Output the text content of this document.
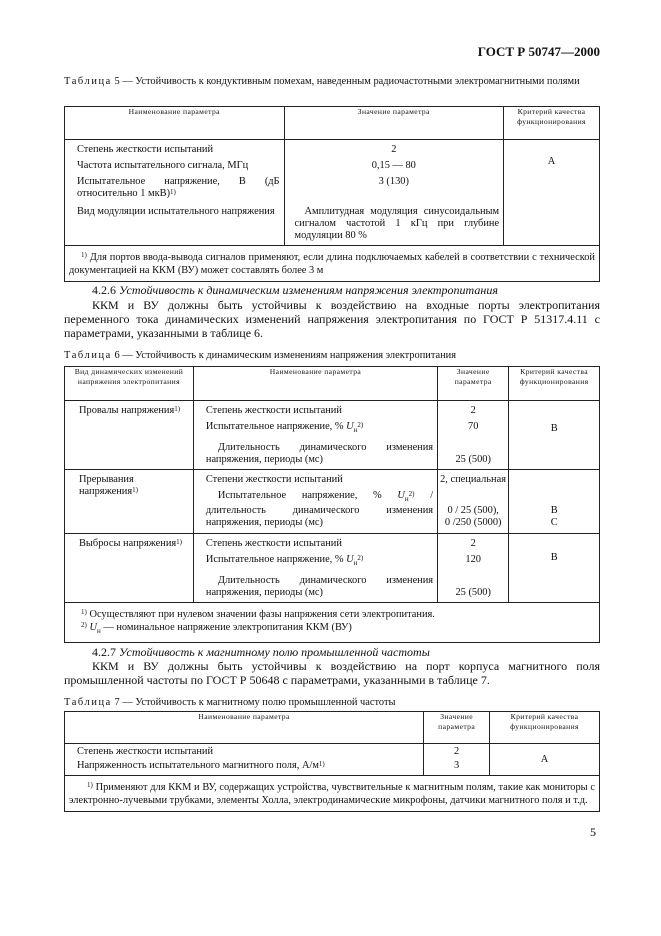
ГОСТ Р 50747—2000
Таблица 5 — Устойчивость к кондуктивным помехам, наведенным радиочастотными электромагнитными полями
Наименование параметра	Значение параметра	Критерий качества функционирования
Степень жесткости испытаний	2	А
Частота испытательного сигнала, МГц	0,15 — 80	
Испытательное напряжение, В (дБ относительно 1 мкВ)$^{1)}$	3 (130)	
Вид модуляции испытательного напряжения	Амплитудная модуляция синусоидальным сигналом частотой 1 кГц при глубине модуляции 80 %	
$^{1)}$ Для портов ввода-вывода сигналов применяют, если длина подключаемых кабелей в соответствии с технической документацией на ККМ (ВУ) может составлять более 3 м		
4.2.6 Устойчивость к динамическим изменениям напряжения электропитания
ККМ и ВУ должны быть устойчивы к воздействию на входные порты электропитания переменного тока динамических изменений напряжения электропитания по ГОСТ Р 51317.4.11 с параметрами, указанными в таблице 6.
Таблица 6 — Устойчивость к динамическим изменениям напряжения электропитания
Вид динамических изменений напряжения электропитания	Наименование параметра	Значение параметра	Критерий качества функционирования
Провалы напряжения$^{1)}$	Степень жесткости испытаний	2	В
	Испытательное напряжение, % $U_н^{2)}$	70	
	Длительность динамического изменения напряжения, периоды (мс)	25 (500)	
Прерывания напряжения$^{1)}$	Степени жесткости испытаний	2, специальная	В
С

	Испытательное напряжение, % $U_н^{2)}$ / длительность динамического изменения напряжения, периоды (мс)	0 / 25 (500),
0 /250 (5000)	

Выбросы напряжения$^{1)}$	Степень жесткости испытаний	2	В
	Испытательное напряжение, % $U_н^{2)}$	120	
	Длительность динамического изменения напряжения, периоды (мс)	25 (500)	

$^{1)}$ Осуществляют при нулевом значении фазы напряжения сети электропитания.
$^{2)}$ $U_н$ — номинальное напряжение электропитания ККМ (ВУ)			
4.2.7 Устойчивость к магнитному полю промышленной частоты
ККМ и ВУ должны быть устойчивы к воздействию на порт корпуса магнитного поля промышленной частоты по ГОСТ Р 50648 с параметрами, указанными в таблице 7.
Таблица 7 — Устойчивость к магнитному полю промышленной частоты
Наименование параметра	Значение параметра	Критерий качества функционирования
Степень жесткости испытаний	2	А
Напряженность испытательного магнитного поля, $А/м^{1)}$	3	
$^{1)}$ Применяют для ККМ и ВУ, содержащих устройства, чувствительные к магнитным полям, такие как мониторы с электронно-лучевыми трубками, элементы Холла, электродинамические микрофоны, датчики магнитного поля и т.д.		
5
